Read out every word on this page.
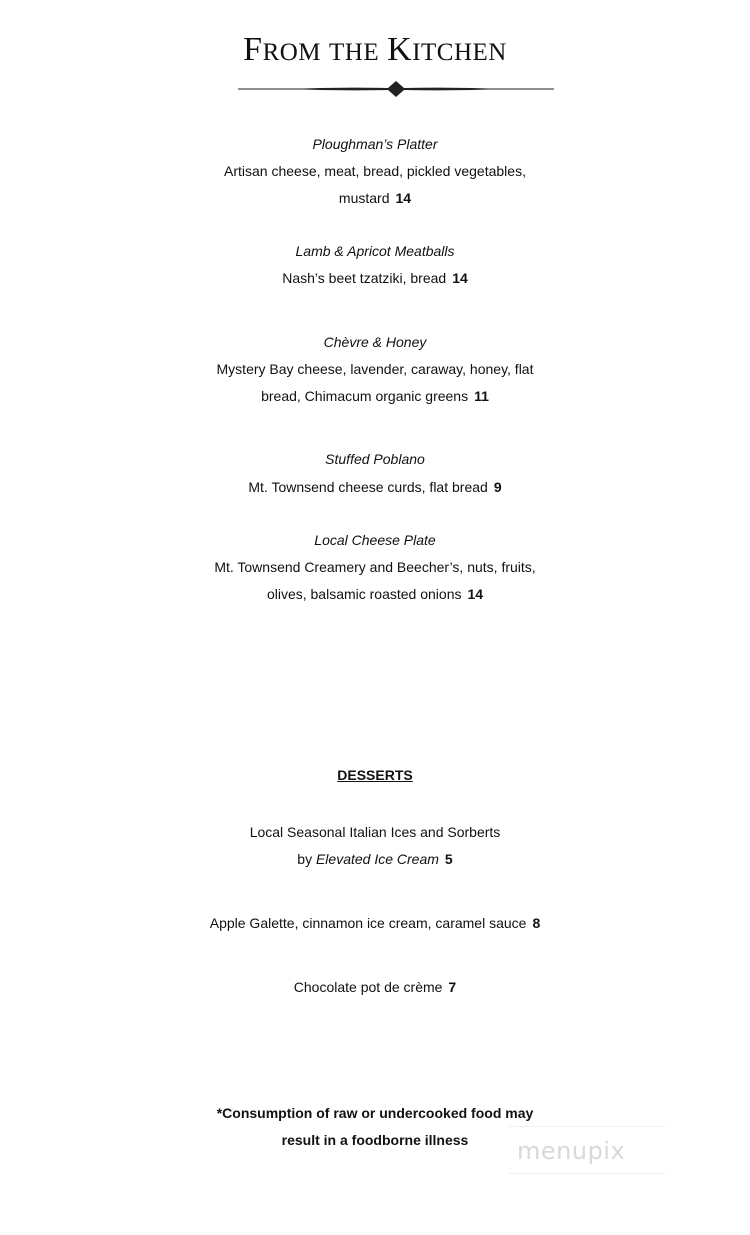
FROM THE KITCHEN
Ploughman’s Platter
Artisan cheese, meat, bread, pickled vegetables,
mustard 14
Lamb & Apricot Meatballs
Nash’s beet tzatziki, bread 14
Chèvre & Honey
Mystery Bay cheese, lavender, caraway, honey, flat
bread, Chimacum organic greens 11
Stuffed Poblano
Mt. Townsend cheese curds, flat bread 9
Local Cheese Plate
Mt. Townsend Creamery and Beecher’s, nuts, fruits,
olives, balsamic roasted onions 14
DESSERTS
Local Seasonal Italian Ices and Sorberts
by Elevated Ice Cream 5
Apple Galette, cinnamon ice cream, caramel sauce 8
Chocolate pot de crème 7
*Consumption of raw or undercooked food may
result in a foodborne illness	menupix
